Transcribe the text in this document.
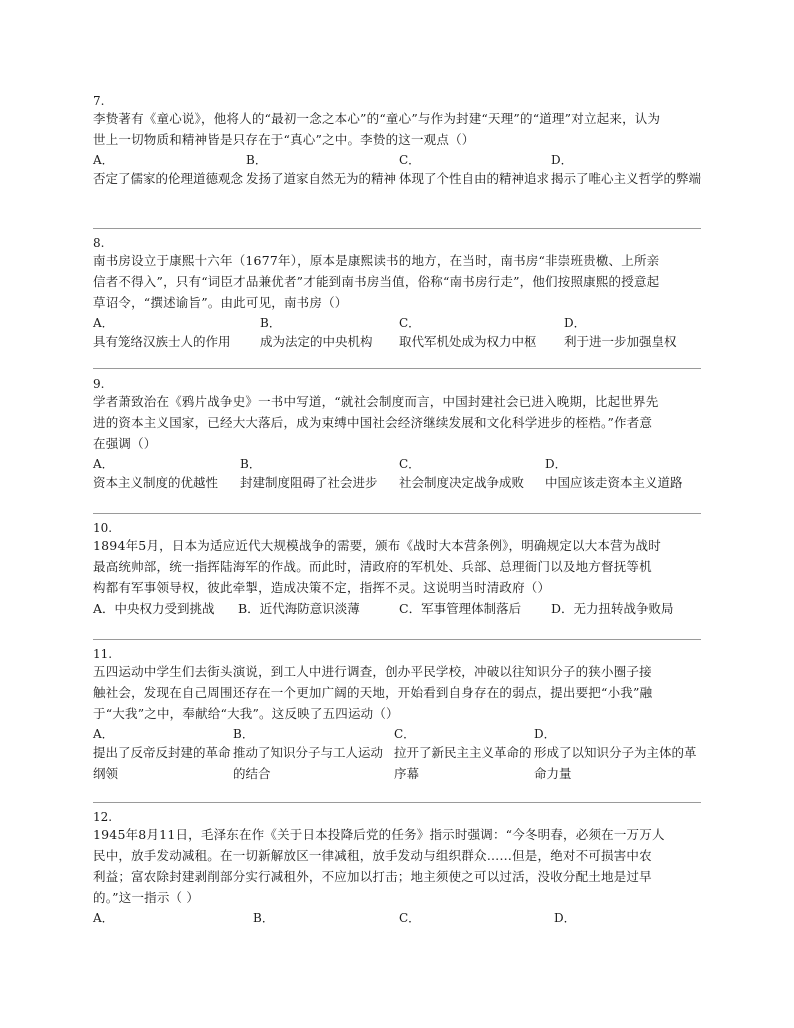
7.
李贽著有《童心说》，他将人的“最初一念之本心”的“童心”与作为封建“天理”的“道理”对立起来，认为
世上一切物质和精神皆是只存在于“真心”之中。李贽的这一观点（）
A．
否定了儒家的伦理道德观念
B．
发扬了道家自然无为的精神
C．
体现了个性自由的精神追求
D．
揭示了唯心主义哲学的弊端
8.
南书房设立于康熙十六年（1677年），原本是康熙读书的地方，在当时，南书房“非崇班贵檄、上所亲
信者不得入”，只有“词臣才品兼优者”才能到南书房当值，俗称“南书房行走”，他们按照康熙的授意起
草诏令，“撰述谕旨”。由此可见，南书房（）
A．
具有笼络汉族士人的作用
B．
成为法定的中央机构
C．
取代军机处成为权力中枢
D．
利于进一步加强皇权
9.
学者萧致治在《鸦片战争史》一书中写道，“就社会制度而言，中国封建社会已进入晚期，比起世界先
进的资本主义国家，已经大大落后，成为束缚中国社会经济继续发展和文化科学进步的桎梏。”作者意
在强调（）
A．
资本主义制度的优越性
B．
封建制度阻碍了社会进步
C．
社会制度决定战争成败
D．
中国应该走资本主义道路
10.
1894年5月，日本为适应近代大规模战争的需要，颁布《战时大本营条例》，明确规定以大本营为战时
最高统帅部，统一指挥陆海军的作战。而此时，清政府的军机处、兵部、总理衙门以及地方督抚等机
构都有军事领导权，彼此牵掣，造成决策不定，指挥不灵。这说明当时清政府（）
A．中央权力受到挑战 B．近代海防意识淡薄	C．军事管理体制落后 D．无力扭转战争败局
11.
五四运动中学生们去街头演说，到工人中进行调查，创办平民学校，冲破以往知识分子的狭小圈子接
触社会，发现在自己周围还存在一个更加广阔的天地，开始看到自身存在的弱点，提出要把“小我”融
于“大我”之中，奉献给“大我”。这反映了五四运动（）
A．
提出了反帝反封建的革命纲领
B．
推动了知识分子与工人运动的结合
C．
拉开了新民主主义革命的序幕
D．
形成了以知识分子为主体的革命力量
12.
1945年8月11日，毛泽东在作《关于日本投降后党的任务》指示时强调：“今冬明春，必须在一万万人
民中，放手发动减租。在一切新解放区一律减租，放手发动与组织群众……但是，绝对不可损害中农
利益；富农除封建剥削部分实行减租外，不应加以打击；地主须使之可以过活，没收分配土地是过早
的。”这一指示（ ）
A．	B．	C．	D．
